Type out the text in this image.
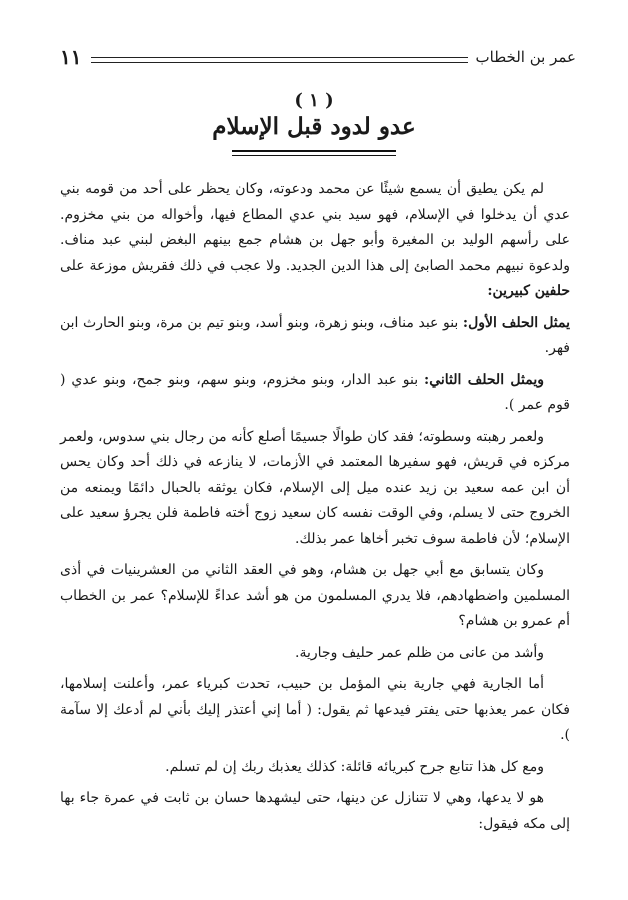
عمر بن الخطاب
١١
( ١ )
عدو لدود قبل الإسلام

لم يكن يطيق أن يسمع شيئًا عن محمد ودعوته، وكان يحظر على أحد من قومه بني عدي أن يدخلوا في الإسلام، فهو سيد بني عدي المطاع فيها، وأخواله من بني مخزوم. على رأسهم الوليد بن المغيرة وأبو جهل بن هشام جمع بينهم البغض لبني عبد مناف. ولدعوة نبيهم محمد الصابئ إلى هذا الدين الجديد. ولا عجب في ذلك فقريش موزعة على حلفين كبيرين:

يمثل الحلف الأول: بنو عبد مناف، وبنو زهرة، وبنو أسد، وبنو تيم بن مرة، وبنو الحارث ابن فهر.

ويمثل الحلف الثاني: بنو عبد الدار، وبنو مخزوم، وبنو سهم، وبنو جمح، وبنو عدي ( قوم عمر ).

ولعمر رهبته وسطوته؛ فقد كان طوالًا جسيمًا أصلع كأنه من رجال بني سدوس، ولعمر مركزه في قريش، فهو سفيرها المعتمد في الأزمات، لا ينازعه في ذلك أحد وكان يحس أن ابن عمه سعيد بن زيد عنده ميل إلى الإسلام، فكان يوثقه بالحبال دائمًا ويمنعه من الخروج حتى لا يسلم، وفي الوقت نفسه كان سعيد زوج أخته فاطمة فلن يجرؤ سعيد على الإسلام؛ لأن فاطمة سوف تخبر أخاها عمر بذلك.

وكان يتسابق مع أبي جهل بن هشام، وهو في العقد الثاني من العشرينيات في أذى المسلمين واضطهادهم، فلا يدري المسلمون من هو أشد عداءً للإسلام؟ عمر بن الخطاب أم عمرو بن هشام؟

وأشد من عانى من ظلم عمر حليف وجارية.

أما الجارية فهي جارية بني المؤمل بن حبيب، تحدت كبرياء عمر، وأعلنت إسلامها، فكان عمر يعذبها حتى يفتر فيدعها ثم يقول: ( أما إني أعتذر إليك بأني لم أدعك إلا سآمة ).

ومع كل هذا تتابع جرح كبريائه قائلة: كذلك يعذبك ربك إن لم تسلم.

هو لا يدعها، وهي لا تتنازل عن دينها، حتى ليشهدها حسان بن ثابت في عمرة جاء بها إلى مكه فيقول:
